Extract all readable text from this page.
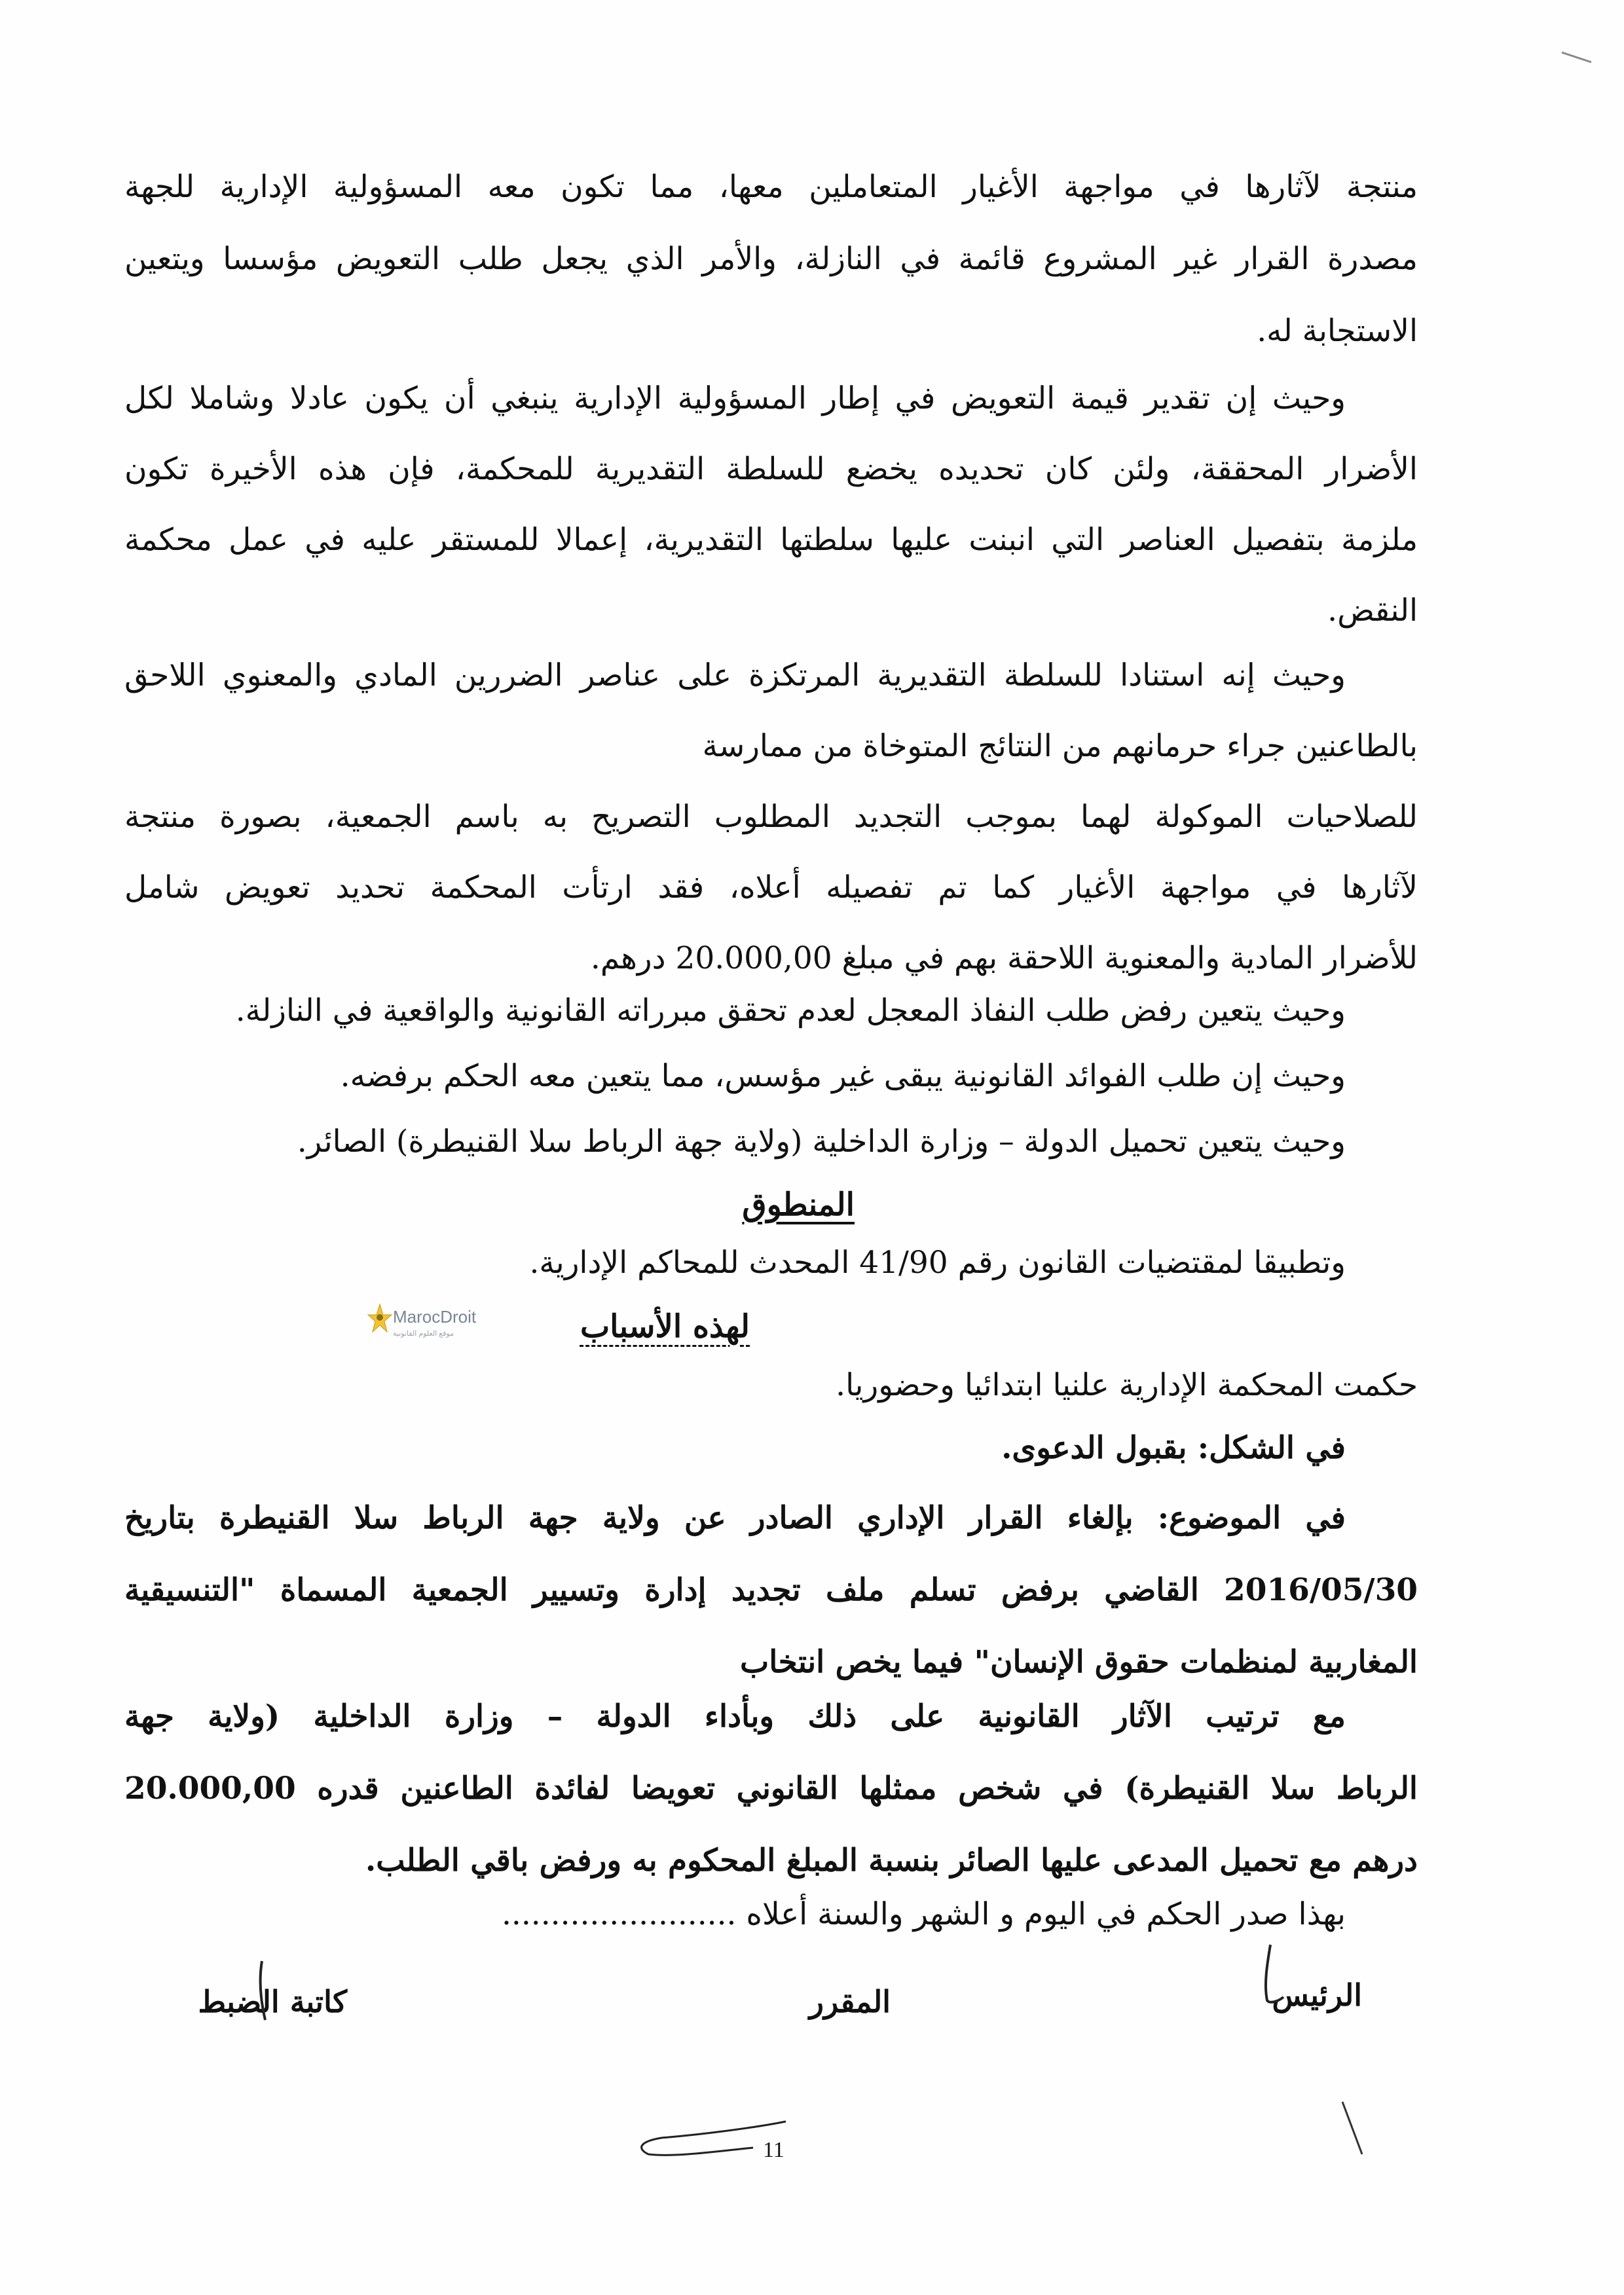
منتجة لآثارها في مواجهة الأغيار المتعاملين معها، مما تكون معه المسؤولية الإدارية للجهة
مصدرة القرار غير المشروع قائمة في النازلة، والأمر الذي يجعل طلب التعويض مؤسسا ويتعين
الاستجابة له.
وحيث إن تقدير قيمة التعويض في إطار المسؤولية الإدارية ينبغي أن يكون عادلا وشاملا لكل
الأضرار المحققة، ولئن كان تحديده يخضع للسلطة التقديرية للمحكمة، فإن هذه الأخيرة تكون
ملزمة بتفصيل العناصر التي انبنت عليها سلطتها التقديرية، إعمالا للمستقر عليه في عمل محكمة
النقض.
وحيث إنه استنادا للسلطة التقديرية المرتكزة على عناصر الضررين المادي والمعنوي اللاحق
بالطاعنين جراء حرمانهم من النتائج المتوخاة من ممارسة
للصلاحيات الموكولة لهما بموجب التجديد المطلوب التصريح به باسم الجمعية، بصورة منتجة
لآثارها في مواجهة الأغيار كما تم تفصيله أعلاه، فقد ارتأت المحكمة تحديد تعويض شامل
للأضرار المادية والمعنوية اللاحقة بهم في مبلغ 20.000,00 درهم.
وحيث يتعين رفض طلب النفاذ المعجل لعدم تحقق مبرراته القانونية والواقعية في النازلة.
وحيث إن طلب الفوائد القانونية يبقى غير مؤسس، مما يتعين معه الحكم برفضه.
وحيث يتعين تحميل الدولة – وزارة الداخلية (ولاية جهة الرباط سلا القنيطرة) الصائر.
المنطوق
وتطبيقا لمقتضيات القانون رقم 41/90 المحدث للمحاكم الإدارية.
MarocDroit
موقع العلوم القانونية	لهذه الأسباب
حكمت المحكمة الإدارية علنيا ابتدائيا وحضوريا.
في الشكل: بقبول الدعوى.
في الموضوع: بإلغاء القرار الإداري الصادر عن ولاية جهة الرباط سلا القنيطرة بتاريخ
2016/05/30 القاضي برفض تسلم ملف تجديد إدارة وتسيير الجمعية المسماة "التنسيقية
المغاربية لمنظمات حقوق الإنسان" فيما يخص انتخاب
مع ترتيب الآثار القانونية على ذلك وبأداء الدولة – وزارة الداخلية (ولاية جهة
الرباط سلا القنيطرة) في شخص ممثلها القانوني تعويضا لفائدة الطاعنين قدره 20.000,00
درهم مع تحميل المدعى عليها الصائر بنسبة المبلغ المحكوم به ورفض باقي الطلب.
بهذا صدر الحكم في اليوم و الشهر والسنة أعلاه ........................
الرئيس
المقرر
كاتبة الضبط
11
